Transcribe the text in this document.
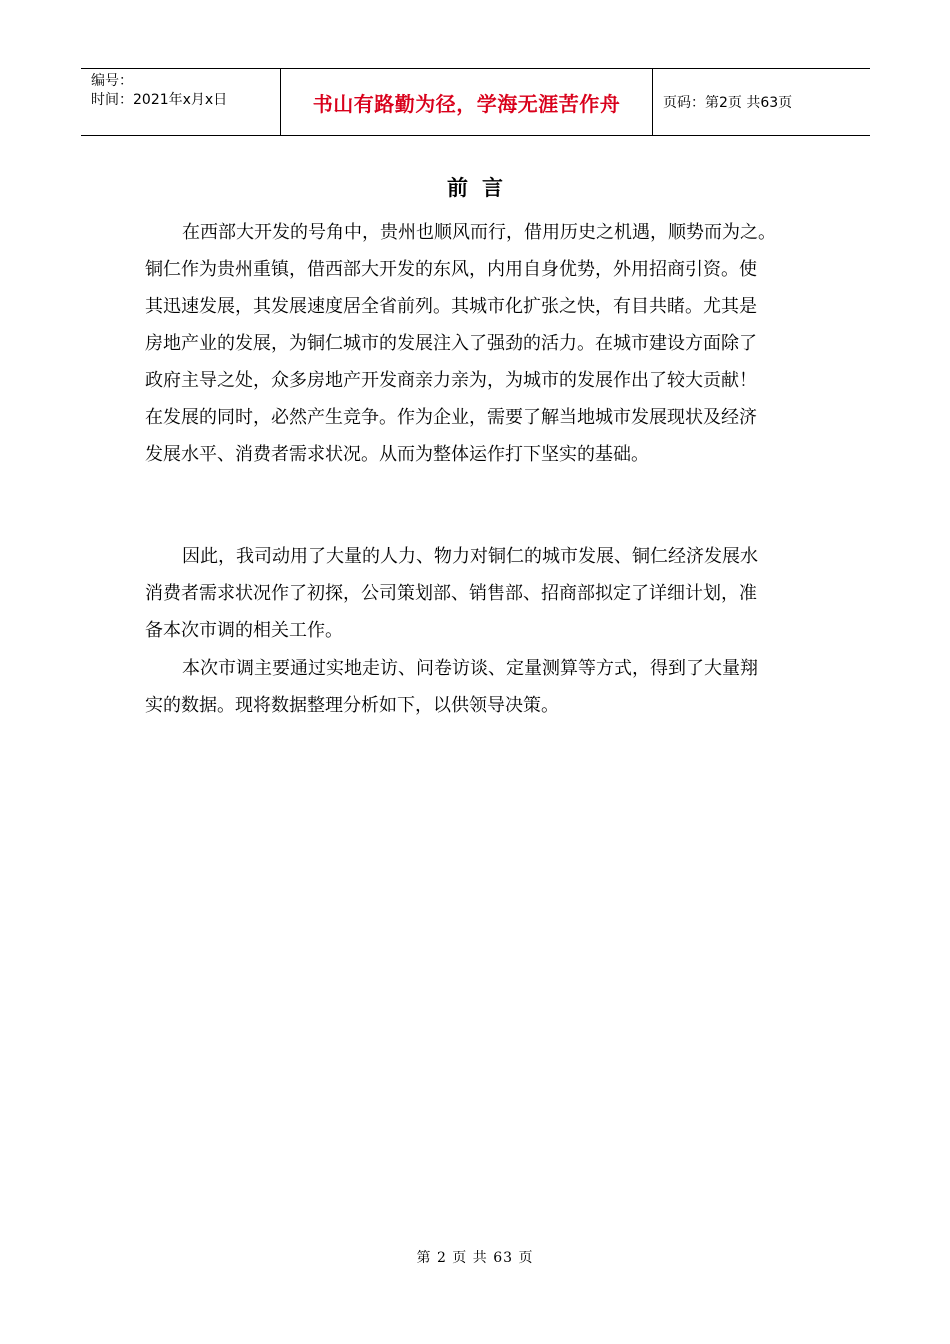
编号：
时间：2021年x月x日	书山有路勤为径，学海无涯苦作舟	页码：第2页 共63页
前言
在西部大开发的号角中，贵州也顺风而行，借用历史之机遇，顺势而为之。
铜仁作为贵州重镇，借西部大开发的东风，内用自身优势，外用招商引资。使
其迅速发展，其发展速度居全省前列。其城市化扩张之快，有目共睹。尤其是
房地产业的发展，为铜仁城市的发展注入了强劲的活力。在城市建设方面除了
政府主导之处，众多房地产开发商亲力亲为，为城市的发展作出了较大贡献！
在发展的同时，必然产生竞争。作为企业，需要了解当地城市发展现状及经济
发展水平、消费者需求状况。从而为整体运作打下坚实的基础。
因此，我司动用了大量的人力、物力对铜仁的城市发展、铜仁经济发展水
消费者需求状况作了初探，公司策划部、销售部、招商部拟定了详细计划，准
备本次市调的相关工作。
本次市调主要通过实地走访、问卷访谈、定量测算等方式，得到了大量翔
实的数据。现将数据整理分析如下，以供领导决策。
第 2 页 共 63 页
